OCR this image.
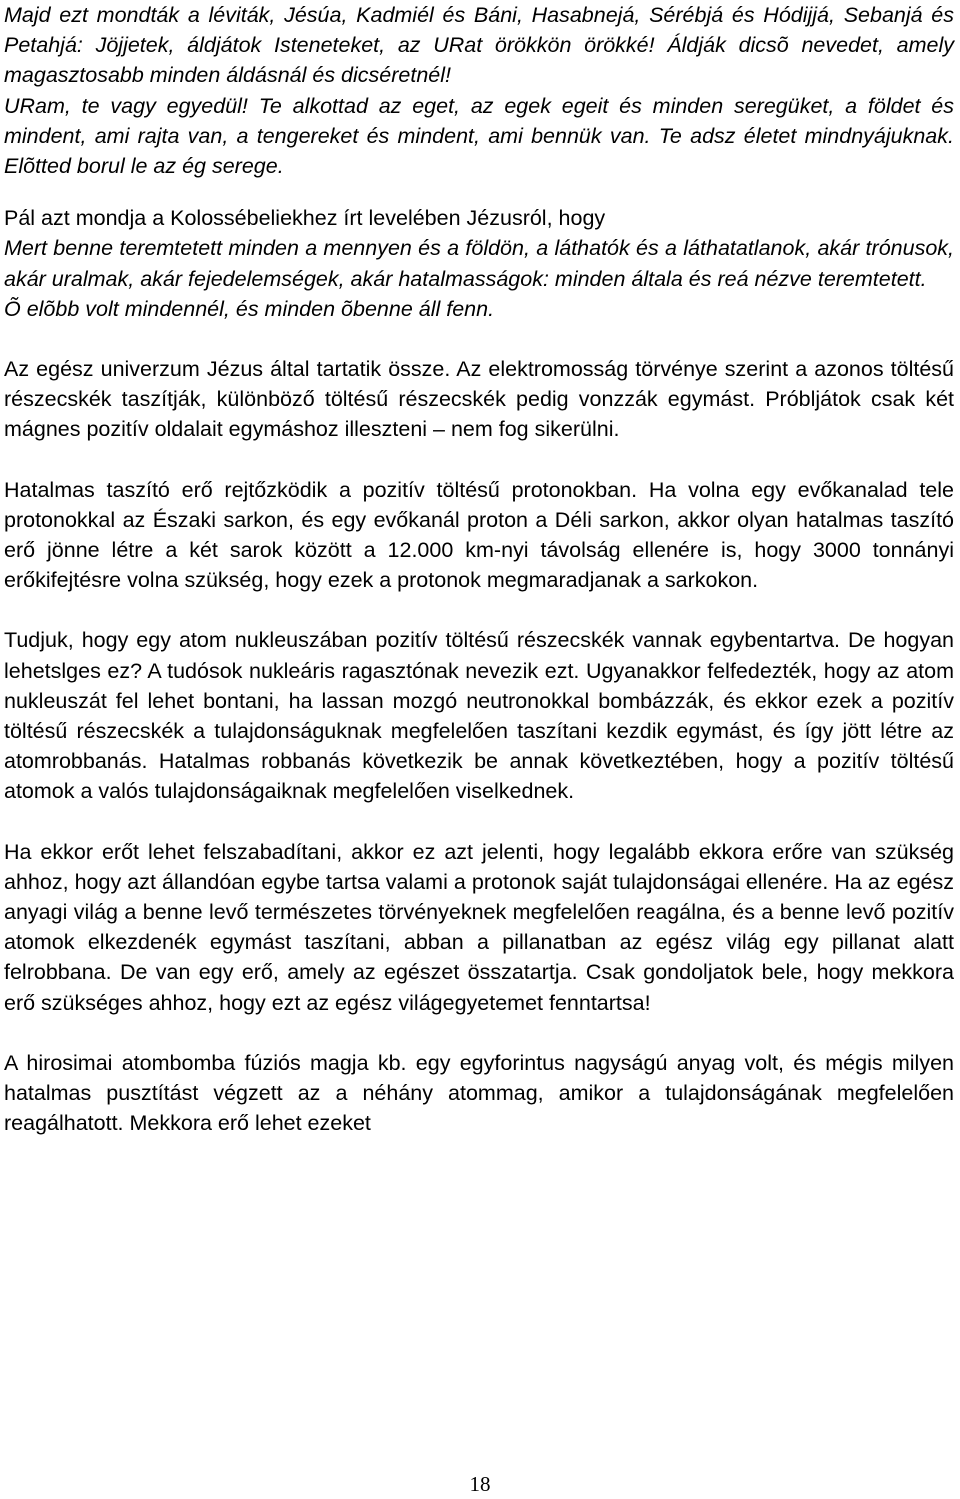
Majd ezt mondták a léviták, Jésúa, Kadmiél és Báni, Hasabnejá, Sérébjá és Hódijjá, Sebanjá és Petahjá: Jöjjetek, áldjátok Isteneteket, az URat örökkön örökké! Áldják dicsõ nevedet, amely magasztosabb minden áldásnál és dicséretnél!

URam, te vagy egyedül! Te alkottad az eget, az egek egeit és minden seregüket, a földet és mindent, ami rajta van, a tengereket és mindent, ami bennük van. Te adsz életet mindnyájuknak. Elõtted borul le az ég serege.

Pál azt mondja a Kolossébeliekhez írt levelében Jézusról, hogy

Mert benne teremtetett minden a mennyen és a földön, a láthatók és a láthatatlanok, akár trónusok, akár uralmak, akár fejedelemségek, akár hatalmasságok: minden általa és reá nézve teremtetett.

Õ elõbb volt mindennél, és minden õbenne áll fenn.

Az egész univerzum Jézus által tartatik össze. Az elektromosság törvénye szerint a azonos töltésű részecskék taszítják, különböző töltésű részecskék pedig vonzzák egymást. Próbljátok csak két mágnes pozitív oldalait egymáshoz illeszteni – nem fog sikerülni.

Hatalmas taszító erő rejtőzködik a pozitív töltésű protonokban. Ha volna egy evőkanalad tele protonokkal az Északi sarkon, és egy evőkanál proton a Déli sarkon, akkor olyan hatalmas taszító erő jönne létre a két sarok között a 12.000 km-nyi távolság ellenére is, hogy 3000 tonnányi erőkifejtésre volna szükség, hogy ezek a protonok megmaradjanak a sarkokon.

Tudjuk, hogy egy atom nukleuszában pozitív töltésű részecskék vannak egybentartva. De hogyan lehetslges ez? A tudósok nukleáris ragasztónak nevezik ezt. Ugyanakkor felfedezték, hogy az atom nukleuszát fel lehet bontani, ha lassan mozgó neutronokkal bombázzák, és ekkor ezek a pozitív töltésű részecskék a tulajdonságuknak megfelelően taszítani kezdik egymást, és így jött létre az atomrobbanás. Hatalmas robbanás következik be annak következtében, hogy a pozitív töltésű atomok a valós tulajdonságaiknak megfelelően viselkednek.

Ha ekkor erőt lehet felszabadítani, akkor ez azt jelenti, hogy legalább ekkora erőre van szükség ahhoz, hogy azt állandóan egybe tartsa valami a protonok saját tulajdonságai ellenére. Ha az egész anyagi világ a benne levő természetes törvényeknek megfelelően reagálna, és a benne levő pozitív atomok elkezdenék egymást taszítani, abban a pillanatban az egész világ egy pillanat alatt felrobbana. De van egy erő, amely az egészet összatartja. Csak gondoljatok bele, hogy mekkora erő szükséges ahhoz, hogy ezt az egész világegyetemet fenntartsa!

A hirosimai atombomba fúziós magja kb. egy egyforintus nagyságú anyag volt, és mégis milyen hatalmas pusztítást végzett az a néhány atommag, amikor a tulajdonságának megfelelően reagálhatott. Mekkora erő lehet ezeket

18
